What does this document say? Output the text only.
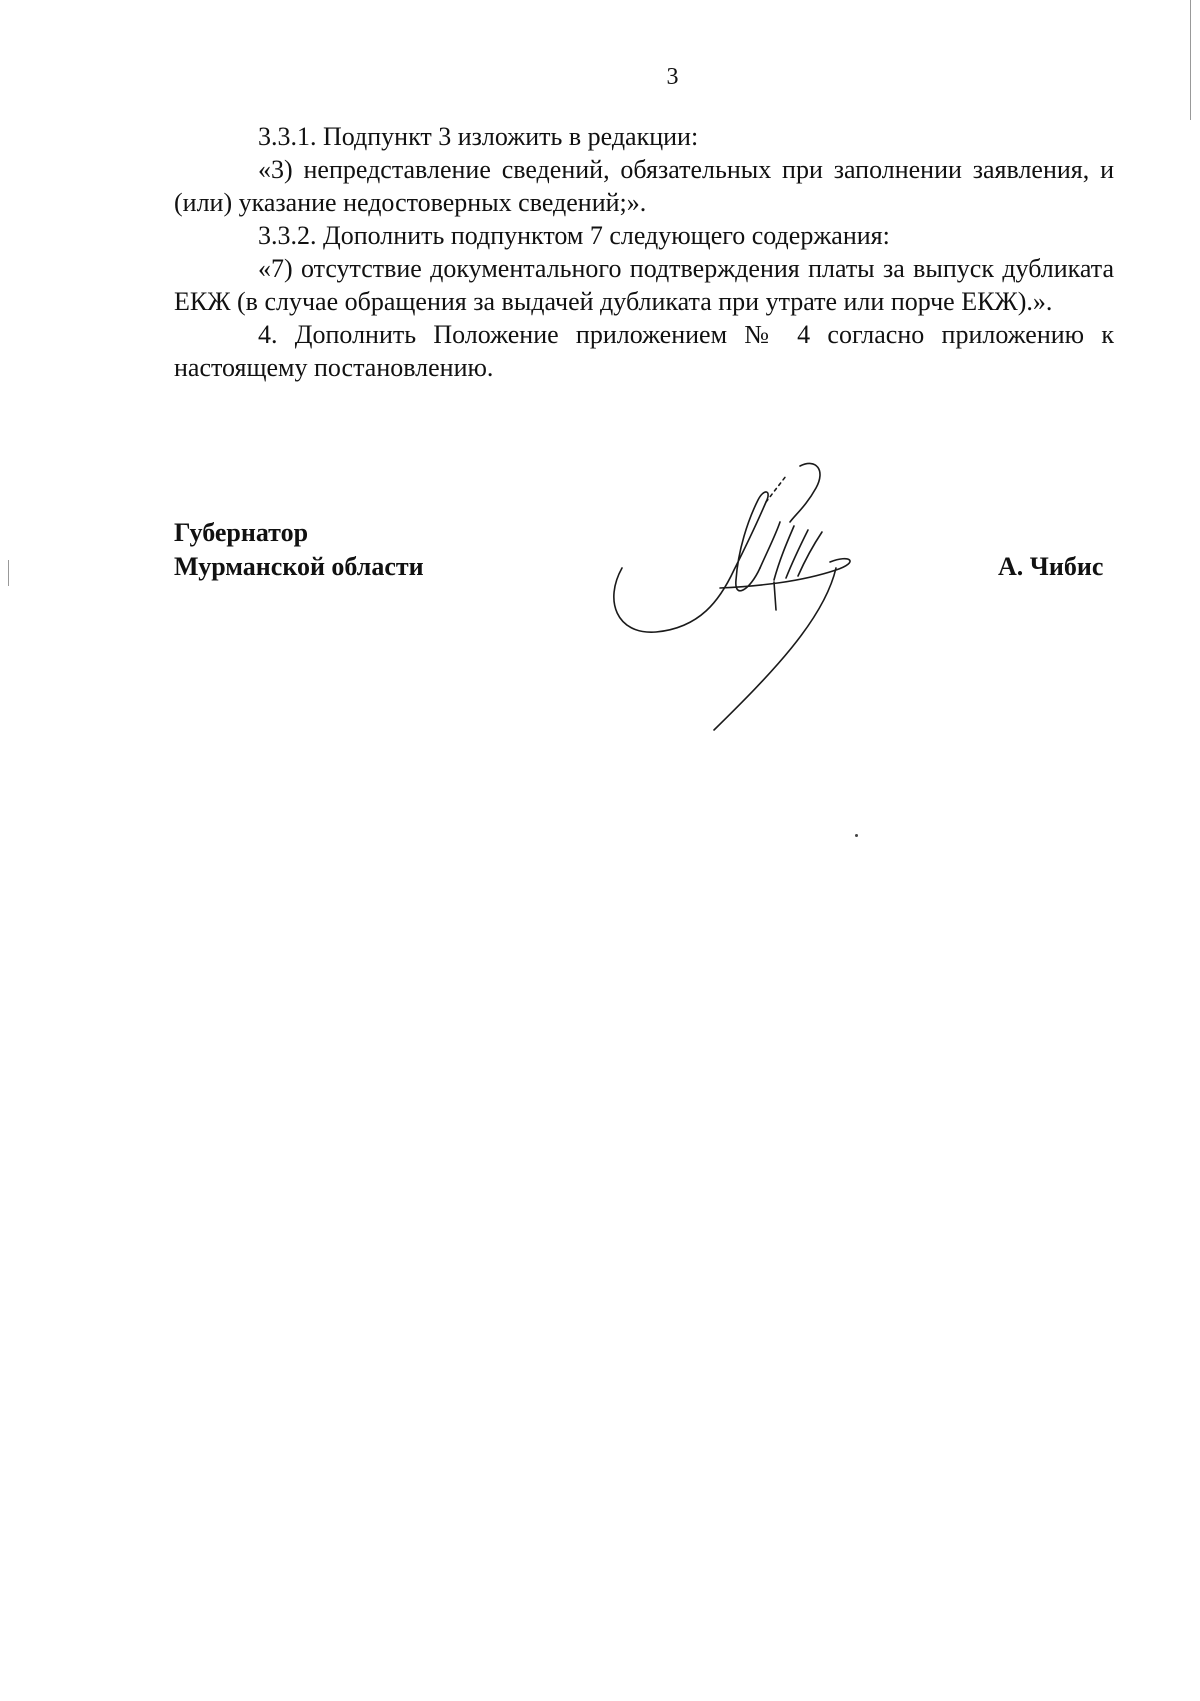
3

3.3.1. Подпункт 3 изложить в редакции:

«3) непредставление сведений, обязательных при заполнении заявления, и (или) указание недостоверных сведений;».

3.3.2. Дополнить подпунктом 7 следующего содержания:

«7) отсутствие документального подтверждения платы за выпуск дубликата ЕКЖ (в случае обращения за выдачей дубликата при утрате или порче ЕКЖ).».

4. Дополнить Положение приложением № 4 согласно приложению к настоящему постановлению.

Губернатор
Мурманской области	А. Чибис
